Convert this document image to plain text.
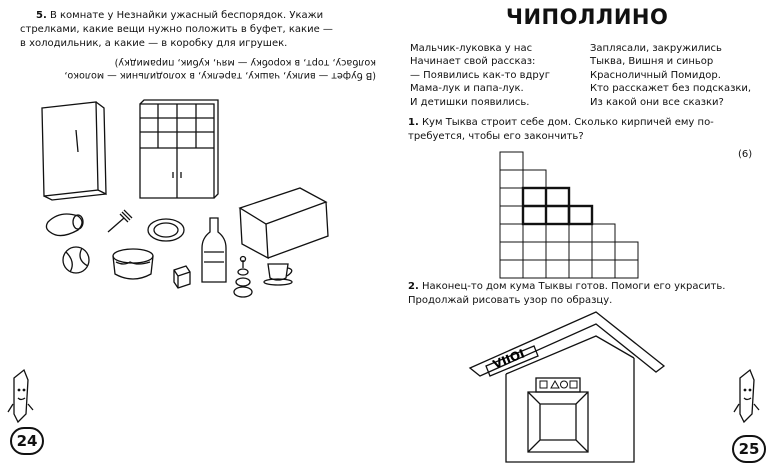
5. В комнате у Незнайки ужасный беспорядок. Укажи
стрелками, какие вещи нужно положить в буфет, какие —
в холодильник, а какие — в коробку для игрушек.
(В буфет — вилку, чашку, тарелку, в холодильник — молоко,
колбасу, торт, в коробку — мяч, кубик, пирамидку)
24
ЧИПОЛЛИНО
Мальчик-луковка у нас
Начинает свой рассказ:
— Появились как-то вдруг
Мама-лук и папа-лук.
И детишки появились.
Заплясали, закружились
Тыква, Вишня и синьор
Красноличный Помидор.
Кто расскажет без подсказки,
Из какой они все сказки?
1. Кум Тыква строит себе дом. Сколько кирпичей ему по-
требуется, чтобы его закончить?
(6)
2. Наконец-то дом кума Тыквы готов. Помоги его украсить.
Продолжай рисовать узор по образцу.
VIIOI
25
